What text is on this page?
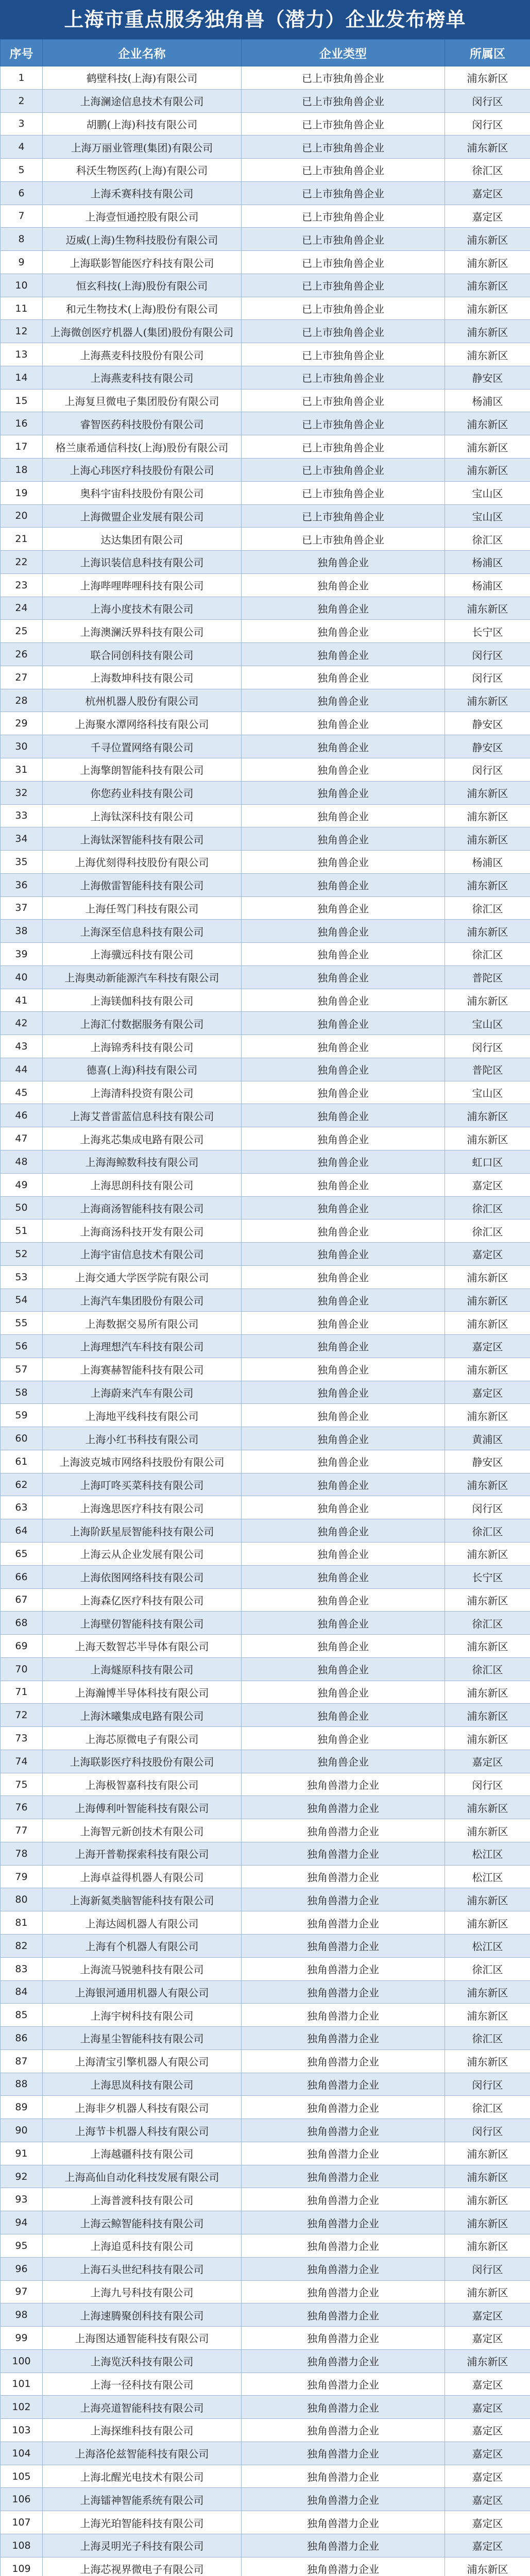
上海市重点服务独角兽（潜力）企业发布榜单
序号	企业名称	企业类型	所属区
1	鹤壁科技(上海)有限公司	已上市独角兽企业	浦东新区
2	上海澜途信息技术有限公司	已上市独角兽企业	闵行区
3	胡鹏(上海)科技有限公司	已上市独角兽企业	闵行区
4	上海万丽业管理(集团)有限公司	已上市独角兽企业	浦东新区
5	科沃生物医药(上海)有限公司	已上市独角兽企业	徐汇区
6	上海禾赛科技有限公司	已上市独角兽企业	嘉定区
7	上海壹恒通控股有限公司	已上市独角兽企业	嘉定区
8	迈威(上海)生物科技股份有限公司	已上市独角兽企业	浦东新区
9	上海联影智能医疗科技有限公司	已上市独角兽企业	浦东新区
10	恒玄科技(上海)股份有限公司	已上市独角兽企业	浦东新区
11	和元生物技术(上海)股份有限公司	已上市独角兽企业	浦东新区
12	上海微创医疗机器人(集团)股份有限公司	已上市独角兽企业	浦东新区
13	上海燕麦科技股份有限公司	已上市独角兽企业	浦东新区
14	上海燕麦科技有限公司	已上市独角兽企业	静安区
15	上海复旦微电子集团股份有限公司	已上市独角兽企业	杨浦区
16	睿智医药科技股份有限公司	已上市独角兽企业	浦东新区
17	格兰康希通信科技(上海)股份有限公司	已上市独角兽企业	浦东新区
18	上海心玮医疗科技股份有限公司	已上市独角兽企业	浦东新区
19	奥科宇宙科技股份有限公司	已上市独角兽企业	宝山区
20	上海微盟企业发展有限公司	已上市独角兽企业	宝山区
21	达达集团有限公司	已上市独角兽企业	徐汇区
22	上海识装信息科技有限公司	独角兽企业	杨浦区
23	上海哔哩哔哩科技有限公司	独角兽企业	杨浦区
24	上海小度技术有限公司	独角兽企业	浦东新区
25	上海澳澜沃界科技有限公司	独角兽企业	长宁区
26	联合同创科技有限公司	独角兽企业	闵行区
27	上海数坤科技有限公司	独角兽企业	闵行区
28	杭州机器人股份有限公司	独角兽企业	浦东新区
29	上海聚水潭网络科技有限公司	独角兽企业	静安区
30	千寻位置网络有限公司	独角兽企业	静安区
31	上海擎朗智能科技有限公司	独角兽企业	闵行区
32	你您药业科技有限公司	独角兽企业	浦东新区
33	上海钛深科技有限公司	独角兽企业	浦东新区
34	上海钛深智能科技有限公司	独角兽企业	浦东新区
35	上海优刻得科技股份有限公司	独角兽企业	杨浦区
36	上海傲雷智能科技有限公司	独角兽企业	浦东新区
37	上海任驾门科技有限公司	独角兽企业	徐汇区
38	上海深至信息科技有限公司	独角兽企业	浦东新区
39	上海骥远科技有限公司	独角兽企业	徐汇区
40	上海奥动新能源汽车科技有限公司	独角兽企业	普陀区
41	上海镁伽科技有限公司	独角兽企业	浦东新区
42	上海汇付数据服务有限公司	独角兽企业	宝山区
43	上海锦秀科技有限公司	独角兽企业	闵行区
44	德喜(上海)科技有限公司	独角兽企业	普陀区
45	上海清科投资有限公司	独角兽企业	宝山区
46	上海艾普雷蓝信息科技有限公司	独角兽企业	浦东新区
47	上海兆芯集成电路有限公司	独角兽企业	浦东新区
48	上海海鲸数科技有限公司	独角兽企业	虹口区
49	上海思朗科技有限公司	独角兽企业	嘉定区
50	上海商汤智能科技有限公司	独角兽企业	徐汇区
51	上海商汤科技开发有限公司	独角兽企业	徐汇区
52	上海宇宙信息技术有限公司	独角兽企业	嘉定区
53	上海交通大学医学院有限公司	独角兽企业	浦东新区
54	上海汽车集团股份有限公司	独角兽企业	浦东新区
55	上海数据交易所有限公司	独角兽企业	浦东新区
56	上海理想汽车科技有限公司	独角兽企业	嘉定区
57	上海赛赫智能科技有限公司	独角兽企业	浦东新区
58	上海蔚来汽车有限公司	独角兽企业	嘉定区
59	上海地平线科技有限公司	独角兽企业	浦东新区
60	上海小红书科技有限公司	独角兽企业	黄浦区
61	上海波克城市网络科技股份有限公司	独角兽企业	静安区
62	上海叮咚买菜科技有限公司	独角兽企业	浦东新区
63	上海逸思医疗科技有限公司	独角兽企业	闵行区
64	上海阶跃星辰智能科技有限公司	独角兽企业	徐汇区
65	上海云从企业发展有限公司	独角兽企业	浦东新区
66	上海依图网络科技有限公司	独角兽企业	长宁区
67	上海森亿医疗科技有限公司	独角兽企业	浦东新区
68	上海壁仞智能科技有限公司	独角兽企业	徐汇区
69	上海天数智芯半导体有限公司	独角兽企业	浦东新区
70	上海燧原科技有限公司	独角兽企业	徐汇区
71	上海瀚博半导体科技有限公司	独角兽企业	浦东新区
72	上海沐曦集成电路有限公司	独角兽企业	浦东新区
73	上海芯原微电子有限公司	独角兽企业	浦东新区
74	上海联影医疗科技股份有限公司	独角兽企业	嘉定区
75	上海极智嘉科技有限公司	独角兽潜力企业	闵行区
76	上海傅利叶智能科技有限公司	独角兽潜力企业	浦东新区
77	上海智元新创技术有限公司	独角兽潜力企业	浦东新区
78	上海开普勒探索科技有限公司	独角兽潜力企业	松江区
79	上海卓益得机器人有限公司	独角兽潜力企业	松江区
80	上海新氦类脑智能科技有限公司	独角兽潜力企业	浦东新区
81	上海达闼机器人有限公司	独角兽潜力企业	浦东新区
82	上海有个机器人有限公司	独角兽潜力企业	松江区
83	上海流马锐驰科技有限公司	独角兽潜力企业	徐汇区
84	上海银河通用机器人有限公司	独角兽潜力企业	浦东新区
85	上海宇树科技有限公司	独角兽潜力企业	浦东新区
86	上海星尘智能科技有限公司	独角兽潜力企业	徐汇区
87	上海清宝引擎机器人有限公司	独角兽潜力企业	浦东新区
88	上海思岚科技有限公司	独角兽潜力企业	闵行区
89	上海非夕机器人科技有限公司	独角兽潜力企业	徐汇区
90	上海节卡机器人科技有限公司	独角兽潜力企业	闵行区
91	上海越疆科技有限公司	独角兽潜力企业	浦东新区
92	上海高仙自动化科技发展有限公司	独角兽潜力企业	浦东新区
93	上海普渡科技有限公司	独角兽潜力企业	浦东新区
94	上海云鲸智能科技有限公司	独角兽潜力企业	浦东新区
95	上海追觅科技有限公司	独角兽潜力企业	浦东新区
96	上海石头世纪科技有限公司	独角兽潜力企业	闵行区
97	上海九号科技有限公司	独角兽潜力企业	浦东新区
98	上海速腾聚创科技有限公司	独角兽潜力企业	嘉定区
99	上海图达通智能科技有限公司	独角兽潜力企业	嘉定区
100	上海览沃科技有限公司	独角兽潜力企业	浦东新区
101	上海一径科技有限公司	独角兽潜力企业	嘉定区
102	上海亮道智能科技有限公司	独角兽潜力企业	嘉定区
103	上海探维科技有限公司	独角兽潜力企业	嘉定区
104	上海洛伦兹智能科技有限公司	独角兽潜力企业	嘉定区
105	上海北醒光电技术有限公司	独角兽潜力企业	嘉定区
106	上海镭神智能系统有限公司	独角兽潜力企业	嘉定区
107	上海光珀智能科技有限公司	独角兽潜力企业	嘉定区
108	上海灵明光子科技有限公司	独角兽潜力企业	嘉定区
109	上海芯视界微电子有限公司	独角兽潜力企业	浦东新区
